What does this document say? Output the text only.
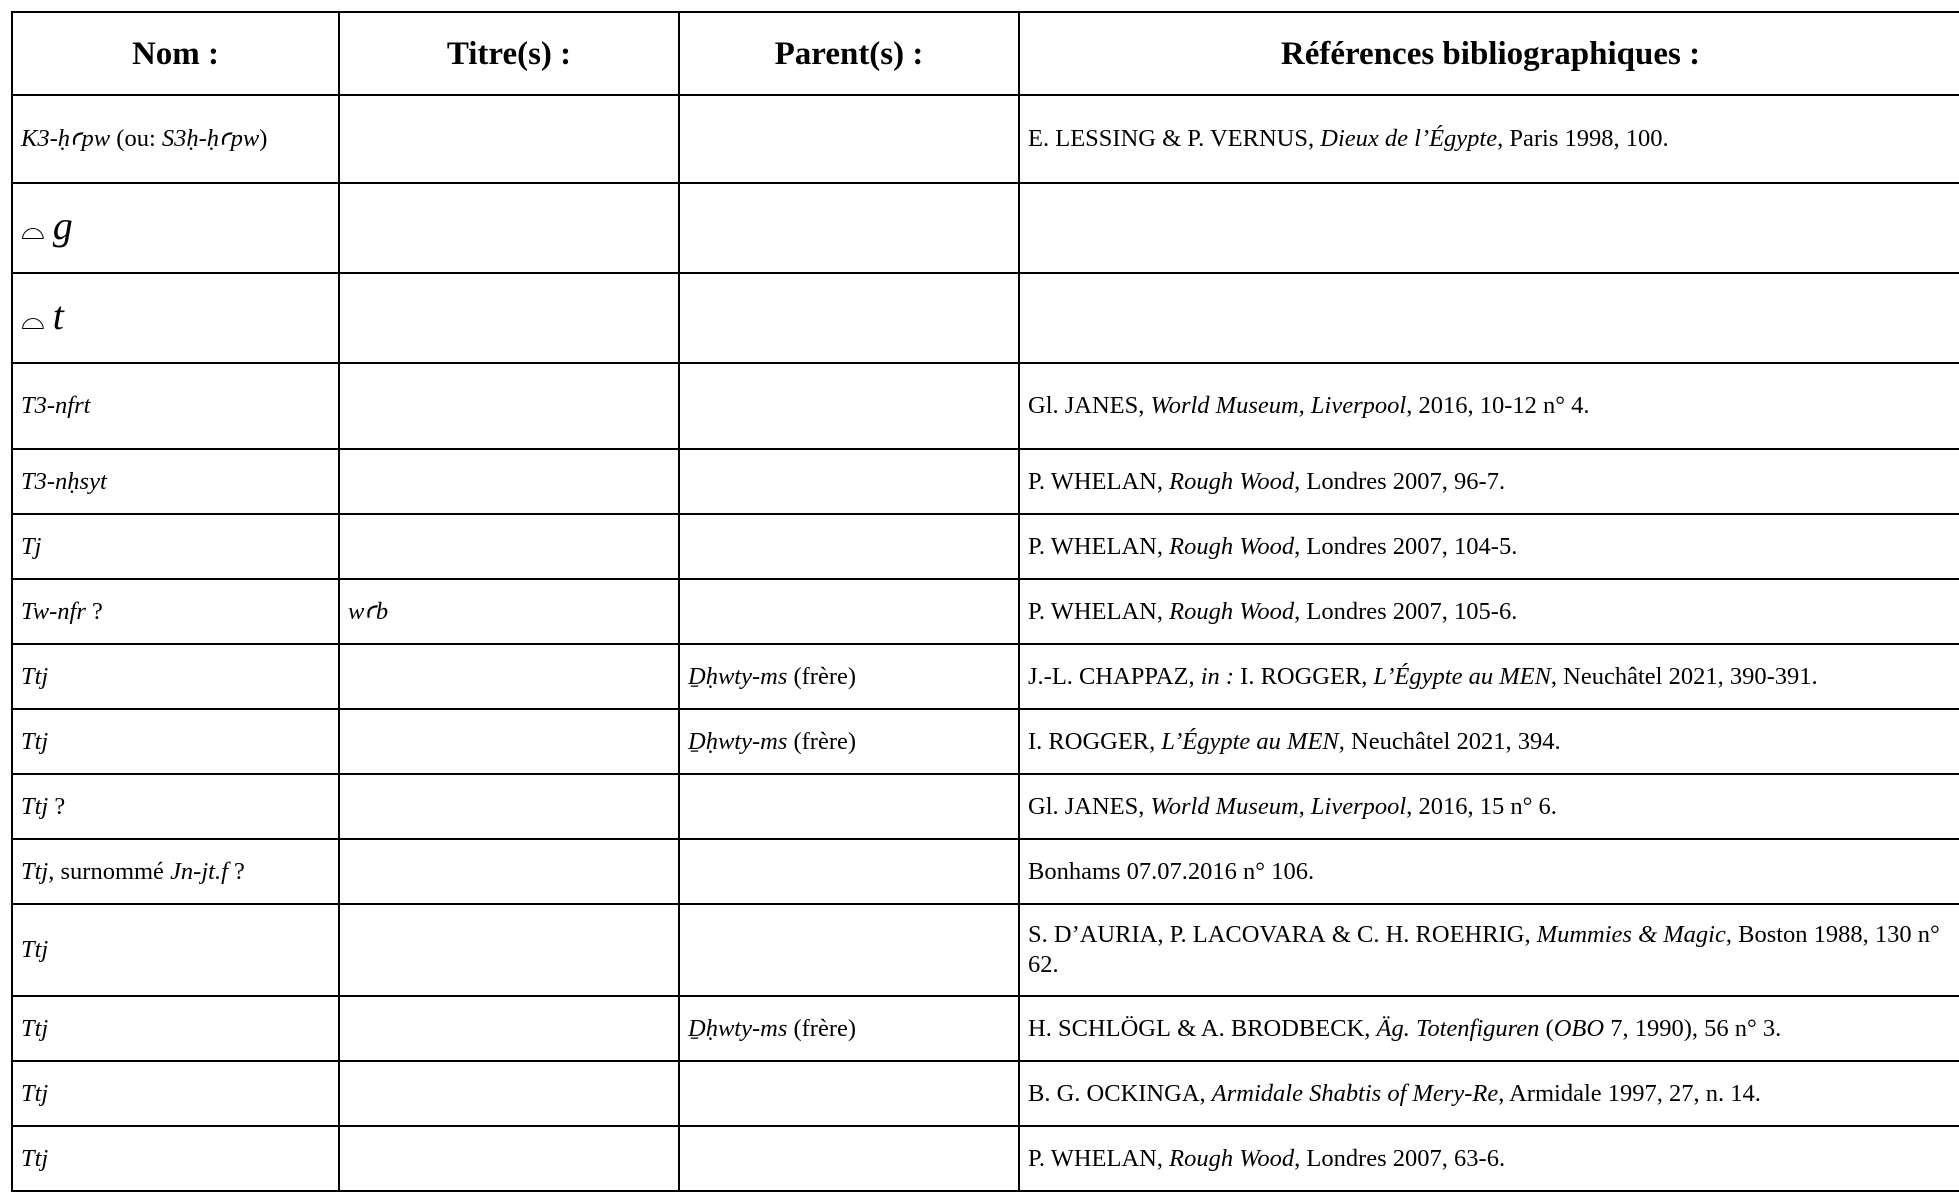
Nom :	Titre(s) :	Parent(s) :	Références bibliographiques :
K3-ḥꜥpw (ou: S3ḥ-ḥꜥpw)			E. LESSING & P. VERNUS, Dieux de l’Égypte, Paris 1998, 100.
⌓ g			
⌓ t			
T3-nfrt			Gl. JANES, World Museum, Liverpool, 2016, 10-12 n° 4.
T3-nḥsyt			P. WHELAN, Rough Wood, Londres 2007, 96-7.
Tj			P. WHELAN, Rough Wood, Londres 2007, 104-5.
Tw-nfr ?	wꜥb		P. WHELAN, Rough Wood, Londres 2007, 105-6.
Ttj		Ḏḥwty-ms (frère)	J.-L. CHAPPAZ, in : I. ROGGER, L’Égypte au MEN, Neuchâtel 2021, 390-391.
Ttj		Ḏḥwty-ms (frère)	I. ROGGER, L’Égypte au MEN, Neuchâtel 2021, 394.
Ttj ?			Gl. JANES, World Museum, Liverpool, 2016, 15 n° 6.
Ttj, surnommé Jn-jt.f ?			Bonhams 07.07.2016 n° 106.
Ttj			S. D’AURIA, P. LACOVARA & C. H. ROEHRIG, Mummies & Magic, Boston 1988, 130 n° 62.
Ttj		Ḏḥwty-ms (frère)	H. SCHLÖGL & A. BRODBECK, Äg. Totenfiguren (OBO 7, 1990), 56 n° 3.
Ttj			B. G. OCKINGA, Armidale Shabtis of Mery-Re, Armidale 1997, 27, n. 14.
Ttj			P. WHELAN, Rough Wood, Londres 2007, 63-6.
